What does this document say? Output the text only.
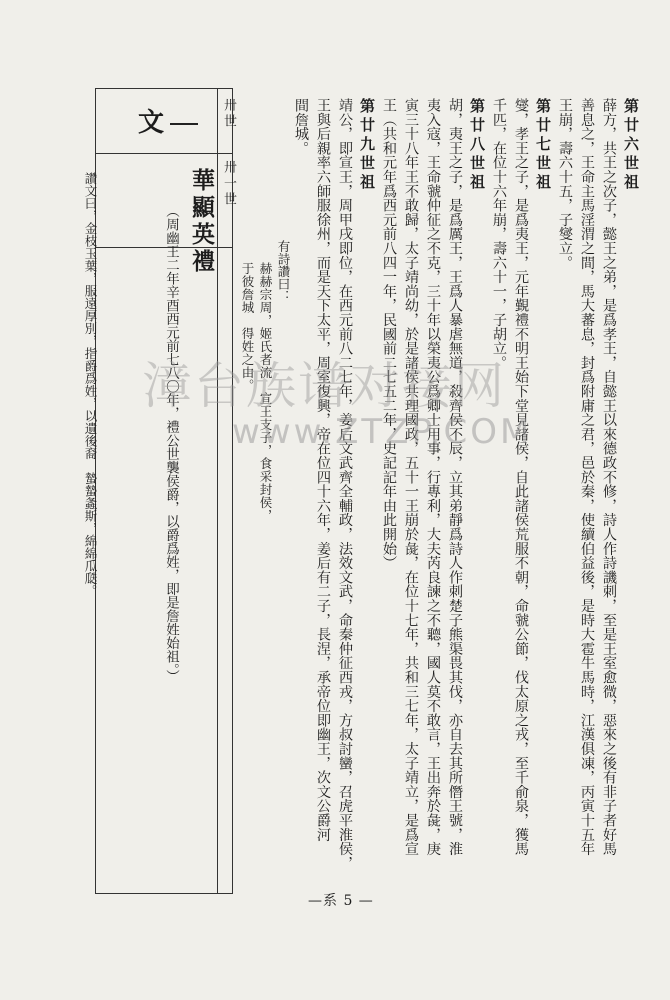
第廿六世祖
薛方，共王之次子，懿王之弟，是爲孝王，自懿王以來德政不修，詩人作詩譏刺，至是王室愈微，惡來之後有非子者好馬
善息之，王命主馬淫渭之間，馬大蕃息，封爲附庸之君，邑於秦，使續伯益後，是時大雹牛馬時，江漢俱凍，丙寅十五年
王崩，壽六十五，子燮立。
第廿七世祖
燮，孝王之子，是爲夷王，元年覲禮不明王始下堂見諸侯，自此諸侯荒服不朝，命虢公節，伐太原之戎，至千俞泉，獲馬
千匹，在位十六年崩，壽六十一，子胡立。
第廿八世祖
胡，夷王之子，是爲厲王，王爲人暴虐無道，殺齊侯不辰，立其弟靜爲詩人作刺楚子熊渠畏其伐，亦自去其所僭王號，淮
夷入寇，王命虢仲征之不克，三十年以榮夷公爲卿士用事，行專利，大夫芮良諫之不聽，國人莫不敢言，王出奔於彘，庚
寅三十八年王不敢歸，太子靖尚幼，於是諸侯共理國政，五十一王崩於彘，在位十七年，共和三七年，太子靖立，是爲宣
王（共和元年爲西元前八四一年，民國前二七五二年，史記記年由此開始）
第廿九世祖
靖公，即宣王，周甲戌即位，在西元前八二七年，姜后文武齊全輔政，法效文武，命秦仲征西戎，方叔討蠻，召虎平淮侯，
王與后親率六師服徐州，而是天下太平，周室復興，帝在位四十六年，姜后有二子，長涅，承帝位即幽王，次文公爵河
間詹城。
有詩讚曰：
赫赫宗周，姬氏者流　宣王支子，食采封侯，
于彼詹城　得姓之由。
文	卅世
卅一世
華顯英禮
（周幽王二年辛酉西元前七八〇年，禮公世襲侯爵，以爵爲姓，即是詹姓始祖。）
讚文曰，金枝玉葉，服遠厚別，指爵爲姓，以遺後裔　蟄蟄螽斯，綿綿瓜瓞。 漳台族谱对接网
www.ZTZP.COM
—系 5 —
